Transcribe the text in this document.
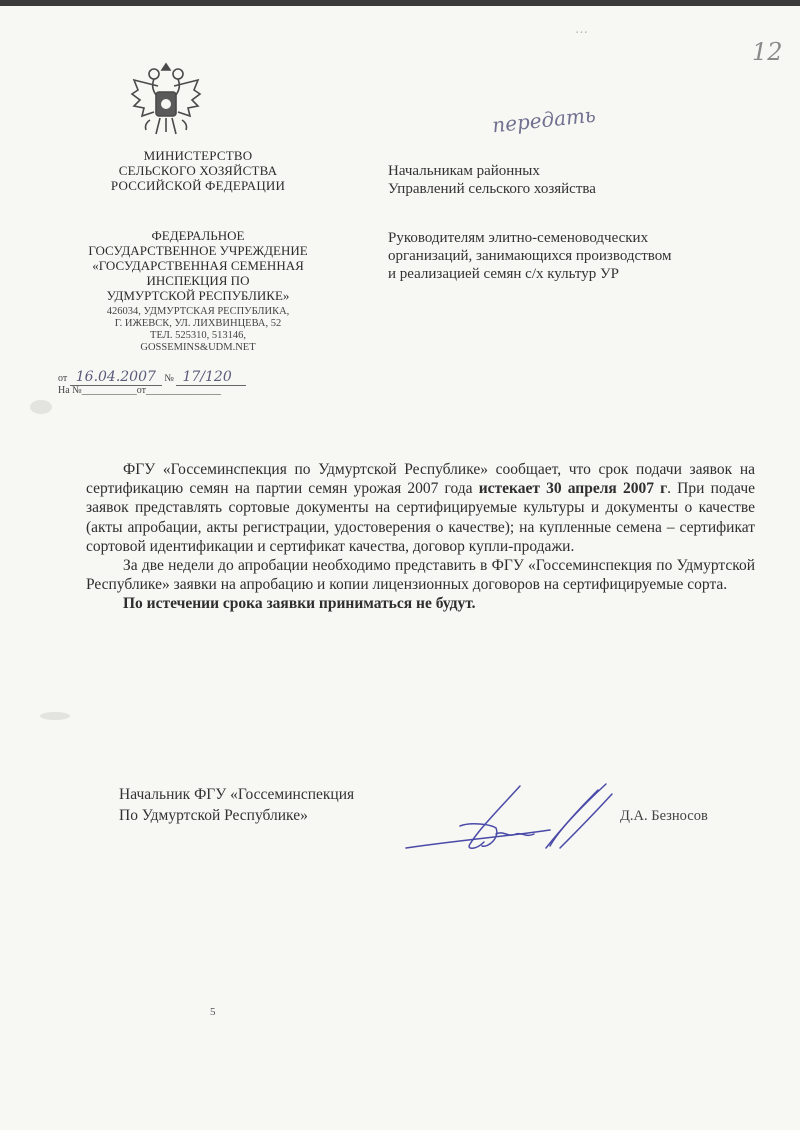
…
12
передать
МИНИСТЕРСТВО
СЕЛЬСКОГО ХОЗЯЙСТВА
РОССИЙСКОЙ ФЕДЕРАЦИИ
ФЕДЕРАЛЬНОЕ
ГОСУДАРСТВЕННОЕ УЧРЕЖДЕНИЕ
«ГОСУДАРСТВЕННАЯ СЕМЕННАЯ
ИНСПЕКЦИЯ ПО
УДМУРТСКОЙ РЕСПУБЛИКЕ»
426034, УДМУРТСКАЯ РЕСПУБЛИКА,
Г. ИЖЕВСК, УЛ. ЛИХВИНЦЕВА, 52
ТЕЛ. 525310, 513146,
GOSSEMINS&UDM.NET
от 16.04.2007 № 17/120
На №___________от_______________
Начальникам районных
Управлений сельского хозяйства
Руководителям элитно-семеноводческих
организаций, занимающихся производством
и реализацией семян с/х культур УР

ФГУ «Госсеминспекция по Удмуртской Республике» сообщает, что срок подачи заявок на сертификацию семян на партии семян урожая 2007 года истекает 30 апреля 2007 г. При подаче заявок представлять сортовые документы на сертифицируемые культуры и документы о качестве (акты апробации, акты регистрации, удостоверения о качестве); на купленные семена – сертификат сортовой идентификации и сертификат качества, договор купли-продажи.

За две недели до апробации необходимо представить в ФГУ «Госсеминспекция по Удмуртской Республике» заявки на апробацию и копии лицензионных договоров на сертифицируемые сорта.

По истечении срока заявки приниматься не будут.

Начальник ФГУ «Госсеминспекция
По Удмуртской Республике»	Д.А. Безносов
5
